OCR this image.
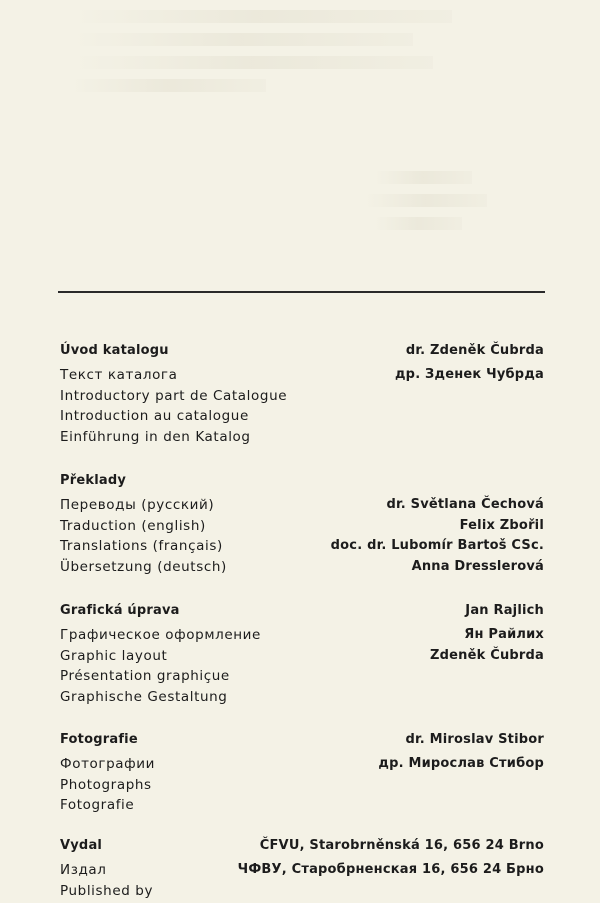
Úvod katalogu	dr. Zdeněk Čubrda
Текст каталога	др. Зденек Чубрда
Introductory part de Catalogue
Introduction au catalogue
Einführung in den Katalog
Překlady
Переводы (русский)	dr. Světlana Čechová
Traduction (english)	Felix Zbořil
Translations (français)	doc. dr. Lubomír Bartoš CSc.
Übersetzung (deutsch)	Anna Dresslerová
Grafická úprava	Jan Rajlich
Графическое оформление	Ян Райлих
Graphic layout	Zdeněk Čubrda
Présentation graphiçue
Graphische Gestaltung
Fotografie	dr. Miroslav Stibor
Фотографии	др. Мирослав Стибор
Photographs
Fotografie
Vydal	ČFVU, Starobrněnská 16, 656 24 Brno
Издал	ЧФВУ, Старобрненская 16, 656 24 Брно
Published by
